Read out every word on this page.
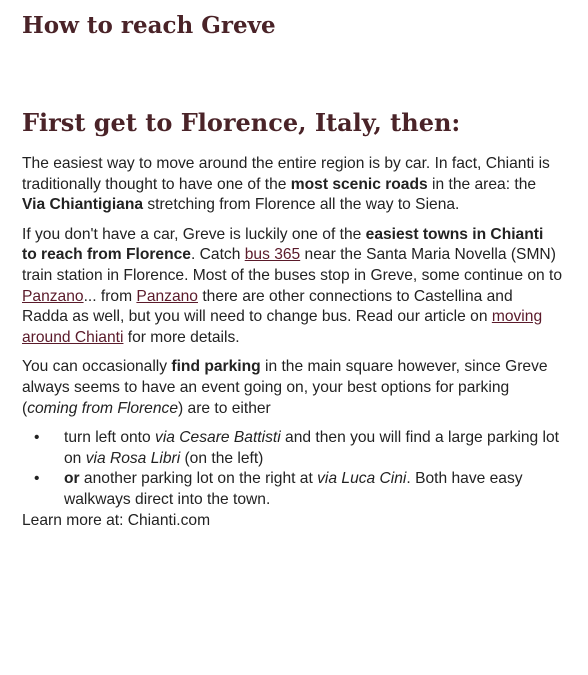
How to reach Greve
First get to Florence, Italy, then:

The easiest way to move around the entire region is by car. In fact, Chianti is traditionally thought to have one of the most scenic roads in the area: the Via Chiantigiana stretching from Florence all the way to Siena.

If you don't have a car, Greve is luckily one of the easiest towns in Chianti to reach from Florence. Catch bus 365 near the Santa Maria Novella (SMN) train station in Florence. Most of the buses stop in Greve, some continue on to Panzano... from Panzano there are other connections to Castellina and Radda as well, but you will need to change bus. Read our article on moving around Chianti for more details.

You can occasionally find parking in the main square however, since Greve always seems to have an event going on, your best options for parking (coming from Florence) are to either

• turn left onto via Cesare Battisti and then you will find a large parking lot on via Rosa Libri (on the left)
• or another parking lot on the right at via Luca Cini. Both have easy walkways direct into the town.
Learn more at: Chianti.com
